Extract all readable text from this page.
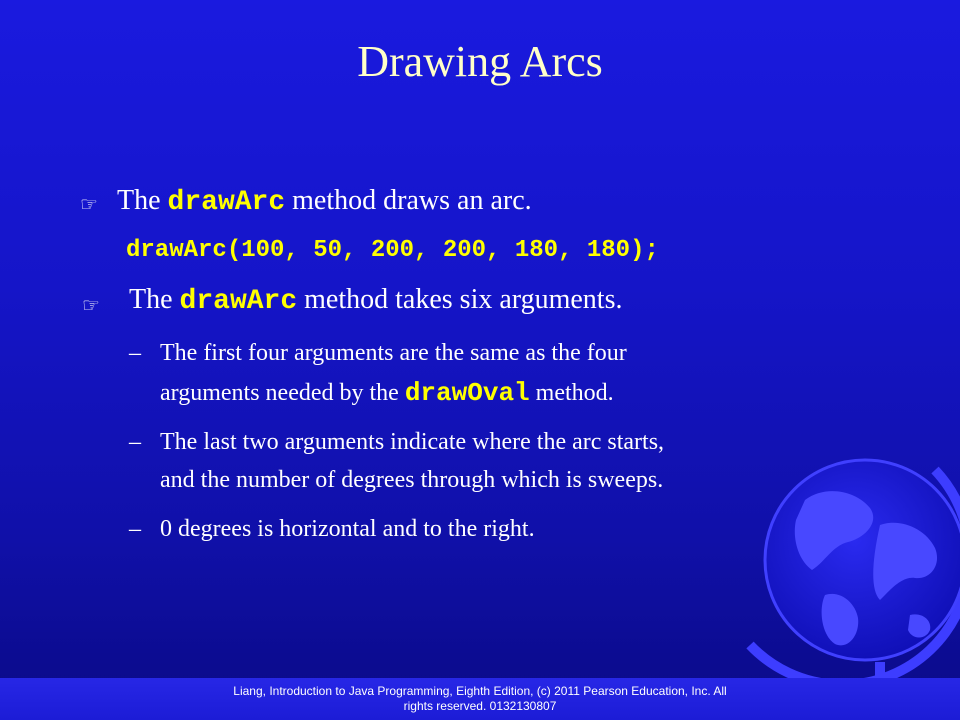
Drawing Arcs
☞ The drawArc method draws an arc.
drawArc(100, 50, 200, 200, 180, 180);
☞ The drawArc method takes six arguments.
– The first four arguments are the same as the four
arguments needed by the drawOval method.
– The last two arguments indicate where the arc starts,
and the number of degrees through which is sweeps.
– 0 degrees is horizontal and to the right.
Liang, Introduction to Java Programming, Eighth Edition, (c) 2011 Pearson Education, Inc. All
rights reserved. 0132130807
